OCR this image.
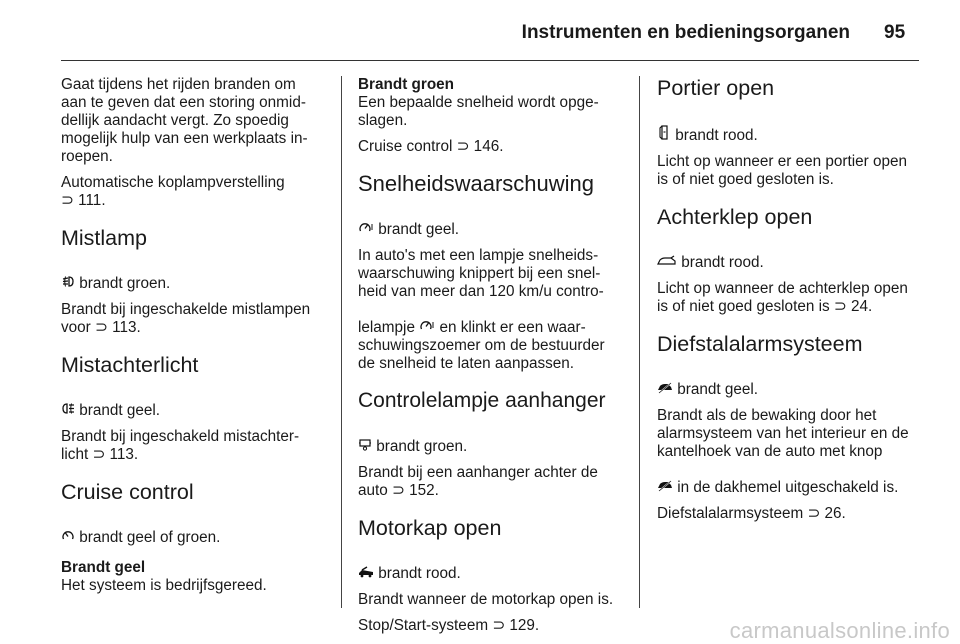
Instrumenten en bedieningsorganen 95

Gaat tijdens het rijden branden om
aan te geven dat een storing onmid-
dellijk aandacht vergt. Zo spoedig
mogelijk hulp van een werkplaats in-
roepen.

Automatische koplampverstelling
⊃ 111.

Mistlamp

brandt groen.

Brandt bij ingeschakelde mistlampen
voor ⊃ 113.

Mistachterlicht

brandt geel.

Brandt bij ingeschakeld mistachter-
licht ⊃ 113.

Cruise control

brandt geel of groen.

Brandt geel

Het systeem is bedrijfsgereed.

Brandt groen

Een bepaalde snelheid wordt opge-
slagen.

Cruise control ⊃ 146.

Snelheidswaarschuwing

brandt geel.

In auto's met een lampje snelheids-
waarschuwing knippert bij een snel-
heid van meer dan 120 km/u contro-
lelampje

en klinkt er een waar-
schuwingszoemer om de bestuurder
de snelheid te laten aanpassen.

Controlelampje aanhanger

brandt groen.

Brandt bij een aanhanger achter de
auto ⊃ 152.

Motorkap open

brandt rood.

Brandt wanneer de motorkap open is.

Stop/Start-systeem ⊃ 129.

Portier open

brandt rood.

Licht op wanneer er een portier open
is of niet goed gesloten is.

Achterklep open

brandt rood.

Licht op wanneer de achterklep open
is of niet goed gesloten is ⊃ 24.

Diefstalalarmsysteem

brandt geel.

Brandt als de bewaking door het
alarmsysteem van het interieur en de
kantelhoek van de auto met knop

in de dakhemel uitgeschakeld is.

Diefstalalarmsysteem ⊃ 26.

carmanualsonline.info
